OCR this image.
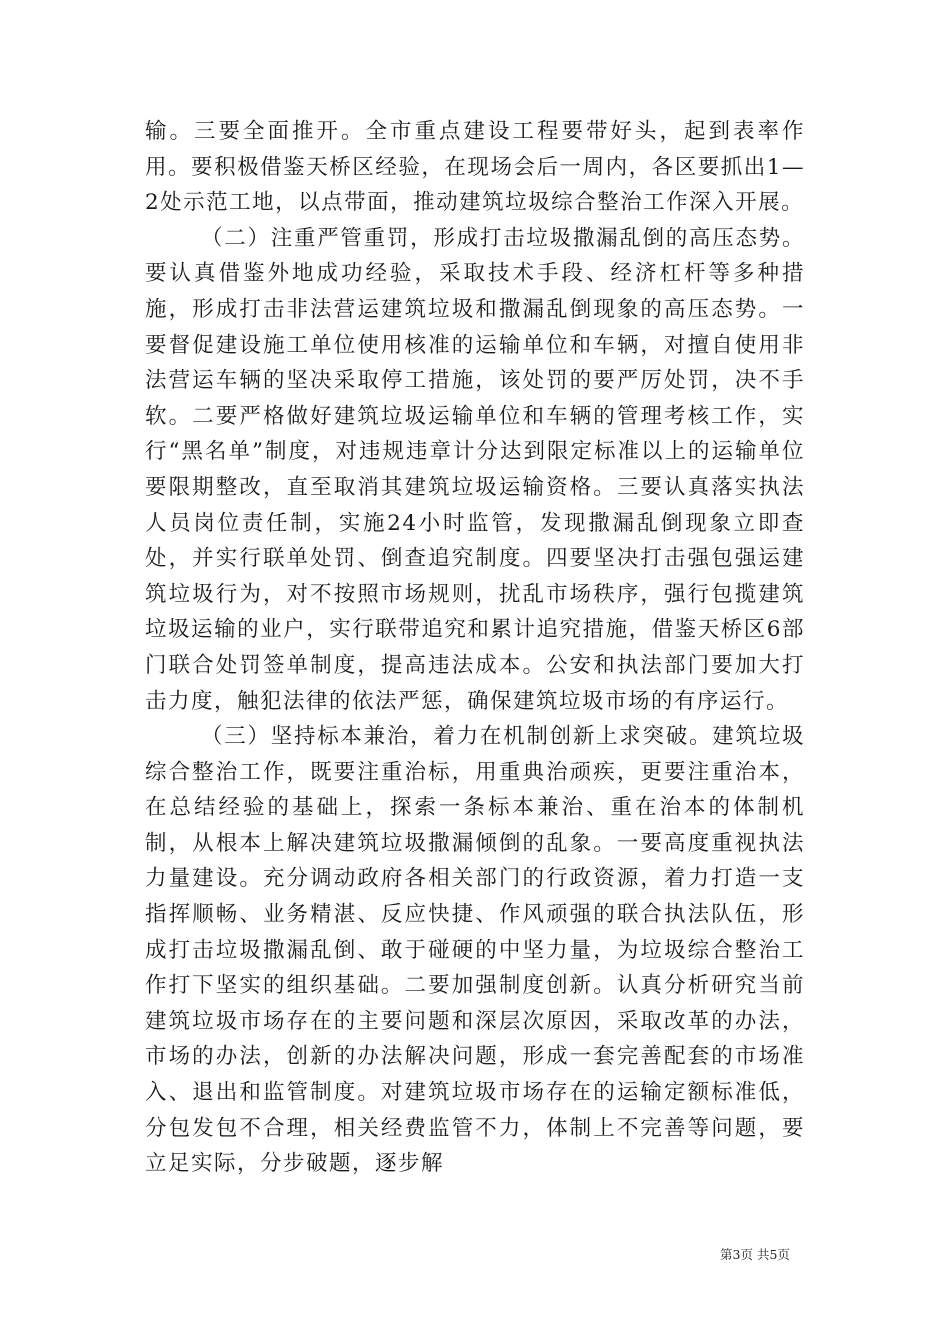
输。三要全面推开。全市重点建设工程要带好头，起到表率作用。要积极借鉴天桥区经验，在现场会后一周内，各区要抓出1—2处示范工地，以点带面，推动建筑垃圾综合整治工作深入开展。

（二）注重严管重罚，形成打击垃圾撒漏乱倒的高压态势。要认真借鉴外地成功经验，采取技术手段、经济杠杆等多种措施，形成打击非法营运建筑垃圾和撒漏乱倒现象的高压态势。一要督促建设施工单位使用核准的运输单位和车辆，对擅自使用非法营运车辆的坚决采取停工措施，该处罚的要严厉处罚，决不手软。二要严格做好建筑垃圾运输单位和车辆的管理考核工作，实行“黑名单”制度，对违规违章计分达到限定标准以上的运输单位要限期整改，直至取消其建筑垃圾运输资格。三要认真落实执法人员岗位责任制，实施24小时监管，发现撒漏乱倒现象立即查处，并实行联单处罚、倒查追究制度。四要坚决打击强包强运建筑垃圾行为，对不按照市场规则，扰乱市场秩序，强行包揽建筑垃圾运输的业户，实行联带追究和累计追究措施，借鉴天桥区6部门联合处罚签单制度，提高违法成本。公安和执法部门要加大打击力度，触犯法律的依法严惩，确保建筑垃圾市场的有序运行。

（三）坚持标本兼治，着力在机制创新上求突破。建筑垃圾综合整治工作，既要注重治标，用重典治顽疾，更要注重治本，在总结经验的基础上，探索一条标本兼治、重在治本的体制机制，从根本上解决建筑垃圾撒漏倾倒的乱象。一要高度重视执法力量建设。充分调动政府各相关部门的行政资源，着力打造一支指挥顺畅、业务精湛、反应快捷、作风顽强的联合执法队伍，形成打击垃圾撒漏乱倒、敢于碰硬的中坚力量，为垃圾综合整治工作打下坚实的组织基础。二要加强制度创新。认真分析研究当前建筑垃圾市场存在的主要问题和深层次原因，采取改革的办法，市场的办法，创新的办法解决问题，形成一套完善配套的市场准入、退出和监管制度。对建筑垃圾市场存在的运输定额标准低，分包发包不合理，相关经费监管不力，体制上不完善等问题，要立足实际，分步破题，逐步解

第3页 共5页
